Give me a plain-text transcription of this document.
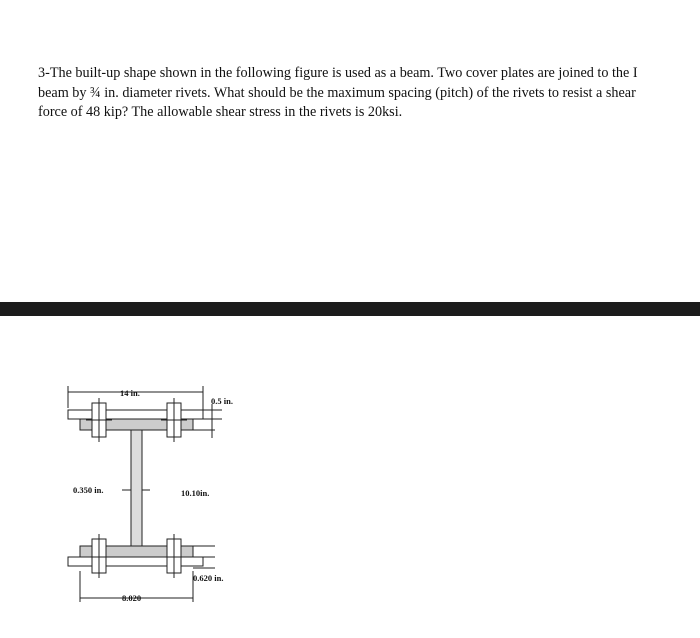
3-The built-up shape shown in the following figure is used as a beam. Two cover plates are joined to the I beam by ¾ in. diameter rivets. What should be the maximum spacing (pitch) of the rivets to resist a shear force of 48 kip? The allowable shear stress in the rivets is 20ksi.

14 in.
0.5 in.
0.350 in.	10.10in.
0.620 in.
8.020
